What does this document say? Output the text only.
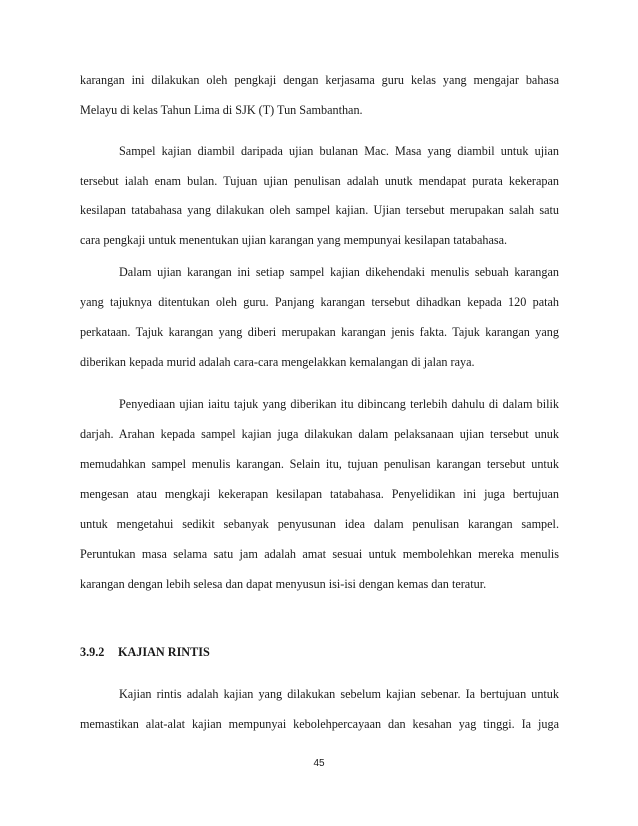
karangan ini dilakukan oleh pengkaji dengan kerjasama guru kelas yang mengajar bahasa
Melayu di kelas Tahun Lima di SJK (T) Tun Sambanthan.
Sampel kajian diambil daripada ujian bulanan Mac. Masa yang diambil untuk ujian
tersebut ialah enam bulan. Tujuan ujian penulisan adalah unutk mendapat purata kekerapan
kesilapan tatabahasa yang dilakukan oleh sampel kajian. Ujian tersebut merupakan salah satu
cara pengkaji untuk menentukan ujian karangan yang mempunyai kesilapan tatabahasa.
Dalam ujian karangan ini setiap sampel kajian dikehendaki menulis sebuah karangan
yang tajuknya ditentukan oleh guru. Panjang karangan tersebut dihadkan kepada 120 patah
perkataan. Tajuk karangan yang diberi merupakan karangan jenis fakta. Tajuk karangan yang
diberikan kepada murid adalah cara-cara mengelakkan kemalangan di jalan raya.
Penyediaan ujian iaitu tajuk yang diberikan itu dibincang terlebih dahulu di dalam bilik
darjah. Arahan kepada sampel kajian juga dilakukan dalam pelaksanaan ujian tersebut unuk
memudahkan sampel menulis karangan. Selain itu, tujuan penulisan karangan tersebut untuk
mengesan atau mengkaji kekerapan kesilapan tatabahasa. Penyelidikan ini juga bertujuan
untuk mengetahui sedikit sebanyak penyusunan idea dalam penulisan karangan sampel.
Peruntukan masa selama satu jam adalah amat sesuai untuk membolehkan mereka menulis
karangan dengan lebih selesa dan dapat menyusun isi-isi dengan kemas dan teratur.
3.9.2 KAJIAN RINTIS
Kajian rintis adalah kajian yang dilakukan sebelum kajian sebenar. Ia bertujuan untuk
memastikan alat-alat kajian mempunyai kebolehpercayaan dan kesahan yag tinggi. Ia juga
45
